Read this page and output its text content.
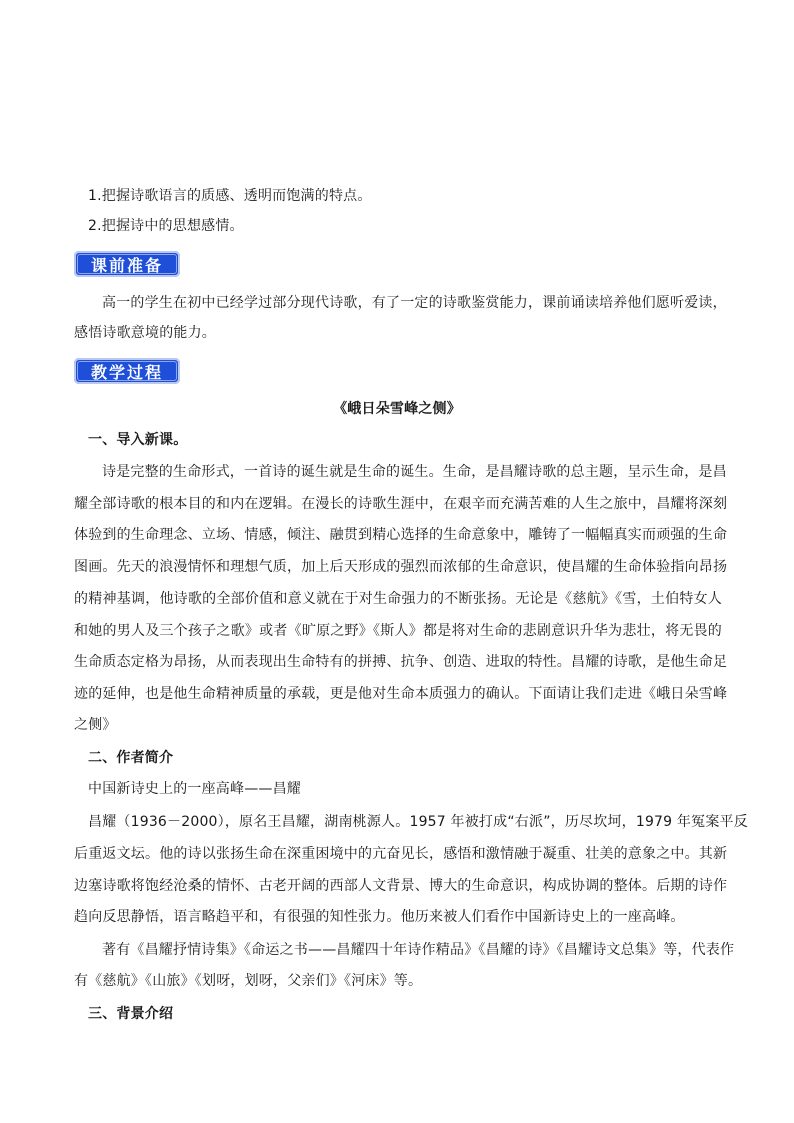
1.把握诗歌语言的质感、透明而饱满的特点。
2.把握诗中的思想感情。
课前准备
高一的学生在初中已经学过部分现代诗歌，有了一定的诗歌鉴赏能力，课前诵读培养他们愿听爱读，
感悟诗歌意境的能力。
教学过程
《峨日朵雪峰之侧》
一、导入新课。
诗是完整的生命形式，一首诗的诞生就是生命的诞生。生命，是昌耀诗歌的总主题，呈示生命，是昌
耀全部诗歌的根本目的和内在逻辑。在漫长的诗歌生涯中，在艰辛而充满苦难的人生之旅中，昌耀将深刻
体验到的生命理念、立场、情感，倾注、融贯到精心选择的生命意象中，雕铸了一幅幅真实而顽强的生命
图画。先天的浪漫情怀和理想气质，加上后天形成的强烈而浓郁的生命意识，使昌耀的生命体验指向昂扬
的精神基调，他诗歌的全部价值和意义就在于对生命强力的不断张扬。无论是《慈航》《雪，土伯特女人
和她的男人及三个孩子之歌》或者《旷原之野》《斯人》都是将对生命的悲剧意识升华为悲壮，将无畏的
生命质态定格为昂扬，从而表现出生命特有的拼搏、抗争、创造、进取的特性。昌耀的诗歌，是他生命足
迹的延伸，也是他生命精神质量的承载，更是他对生命本质强力的确认。下面请让我们走进《峨日朵雪峰
之侧》
二、作者简介
中国新诗史上的一座高峰——昌耀
昌耀（1936－2000），原名王昌耀，湖南桃源人。1957 年被打成“右派”，历尽坎坷，1979 年冤案平反
后重返文坛。他的诗以张扬生命在深重困境中的亢奋见长，感悟和激情融于凝重、壮美的意象之中。其新
边塞诗歌将饱经沧桑的情怀、古老开阔的西部人文背景、博大的生命意识，构成协调的整体。后期的诗作
趋向反思静悟，语言略趋平和，有很强的知性张力。他历来被人们看作中国新诗史上的一座高峰。
著有《昌耀抒情诗集》《命运之书——昌耀四十年诗作精品》《昌耀的诗》《昌耀诗文总集》等，代表作
有《慈航》《山旅》《划呀，划呀，父亲们》《河床》等。
三、背景介绍
